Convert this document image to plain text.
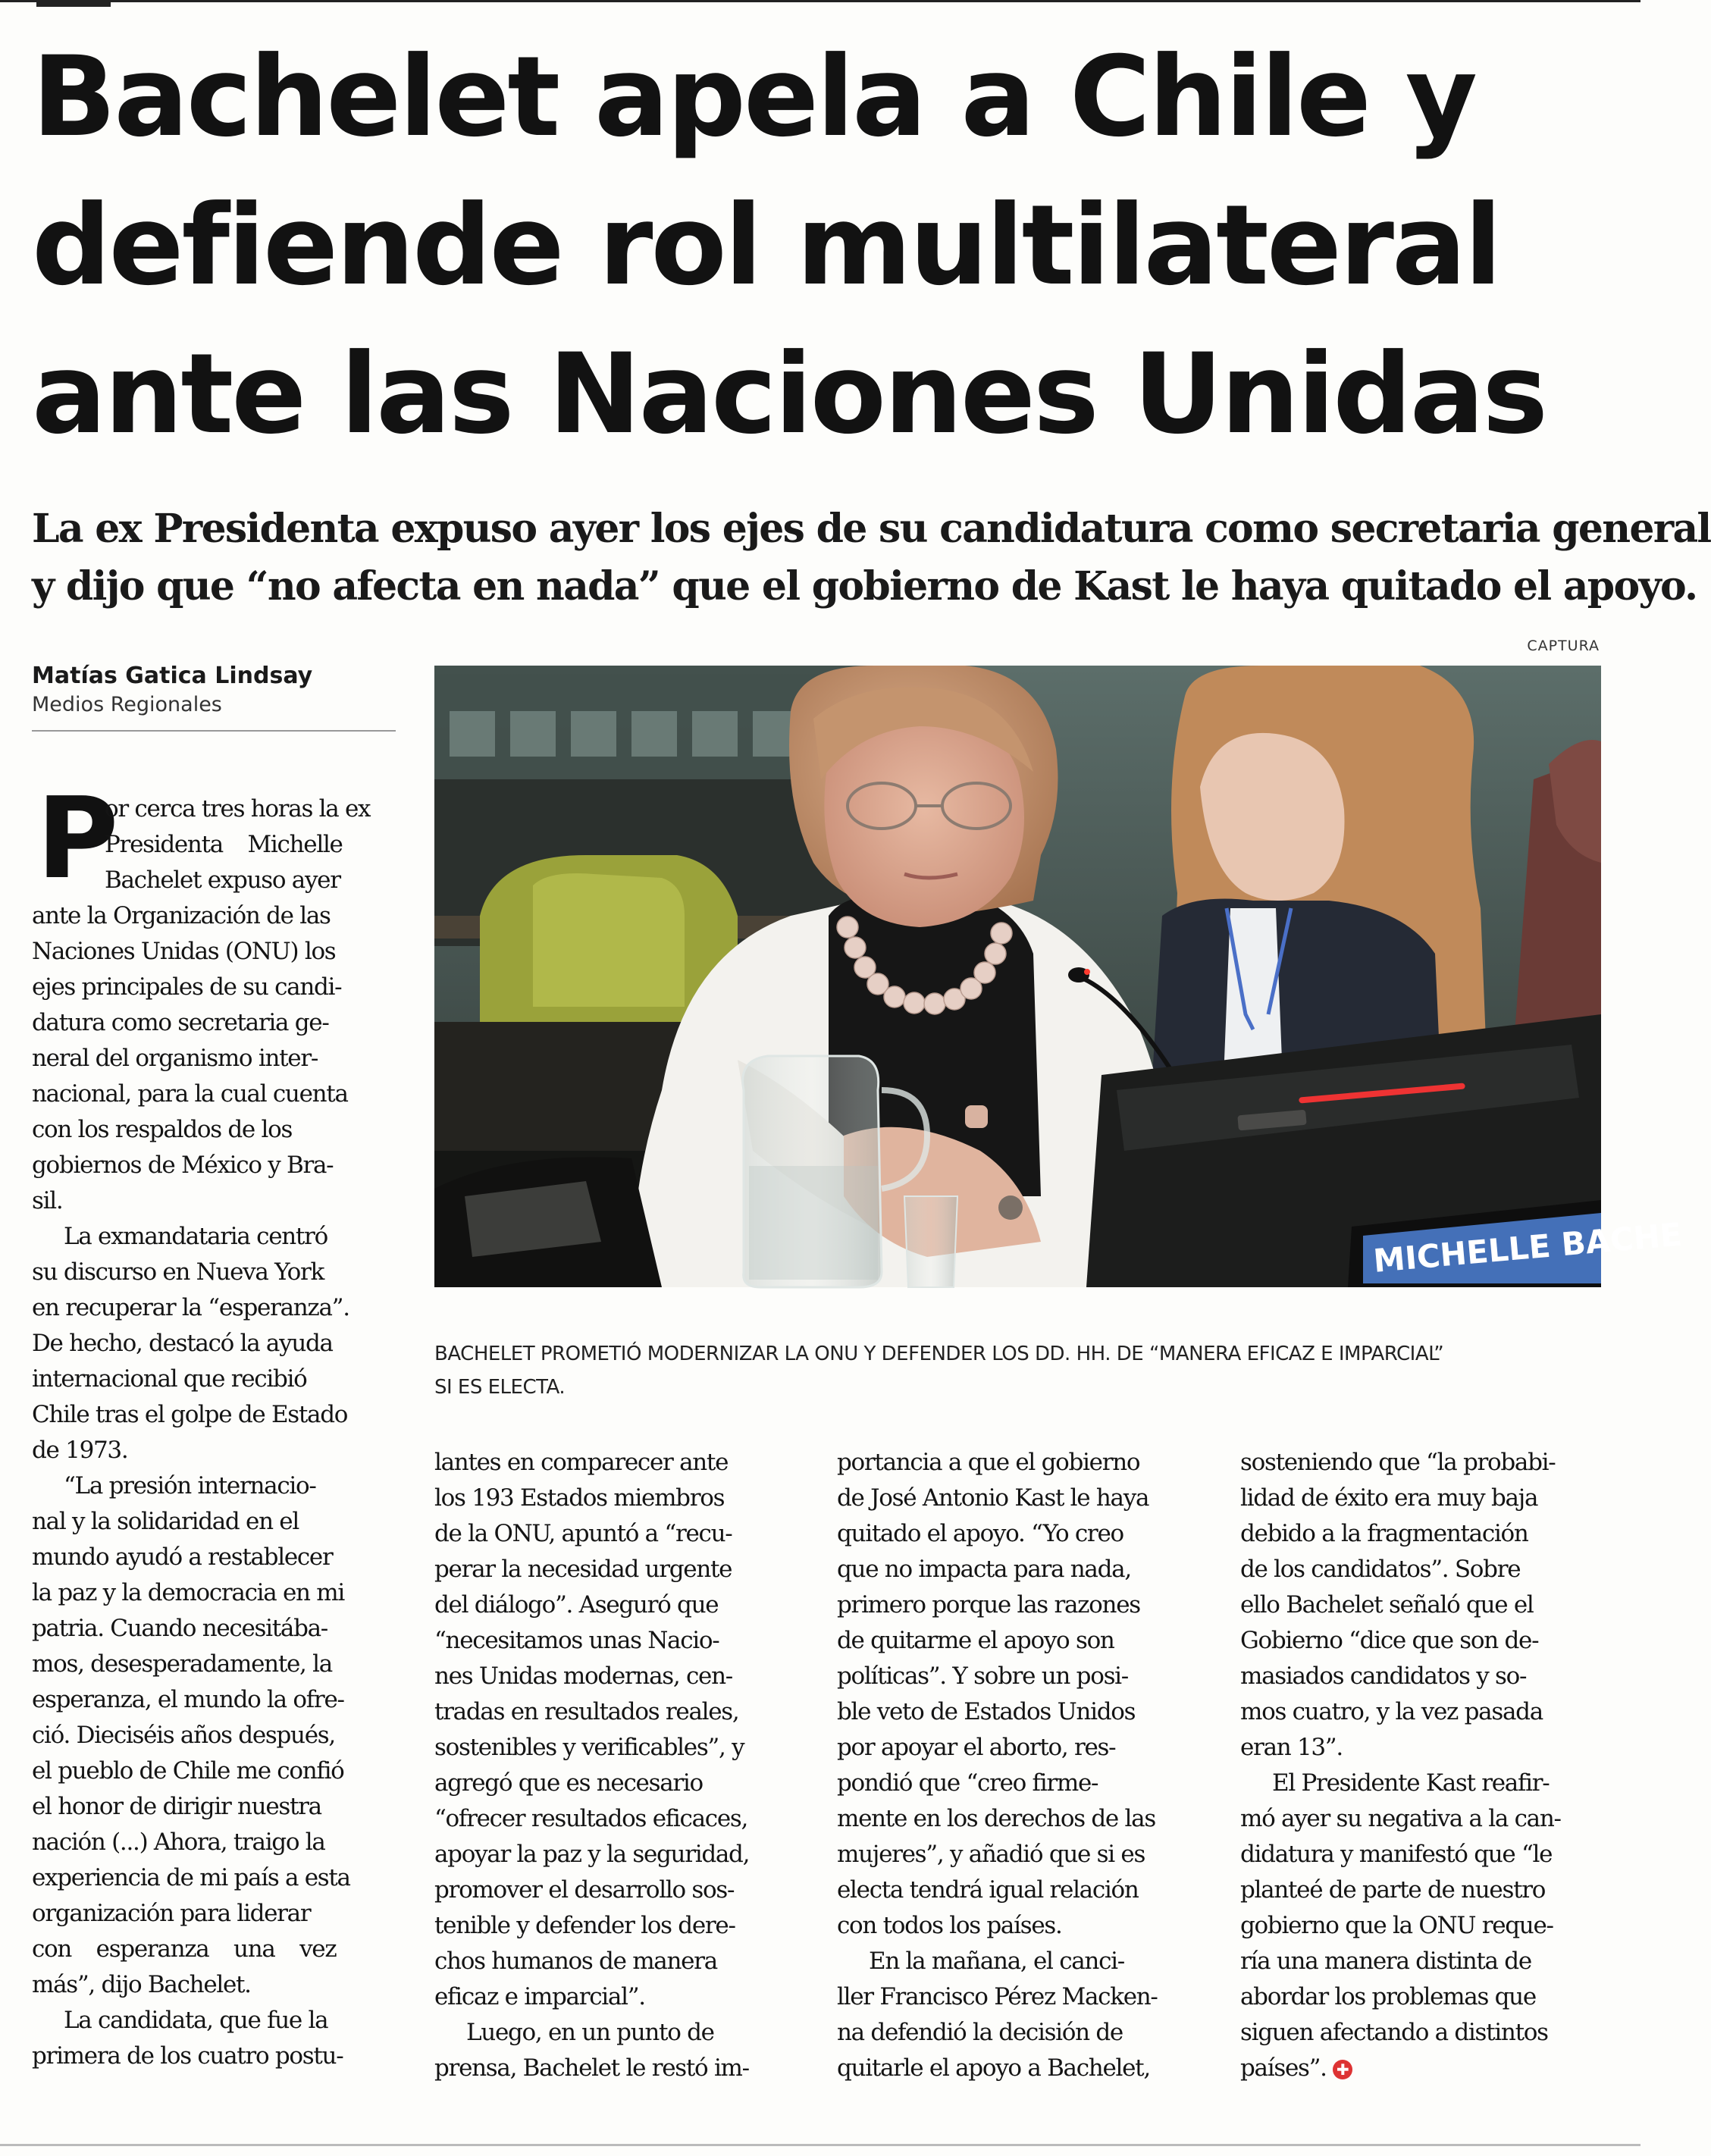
Bachelet apela a Chile y
defiende rol multilateral
ante las Naciones Unidas
La ex Presidenta expuso ayer los ejes de su candidatura como secretaria general
y dijo que “no afecta en nada” que el gobierno de Kast le haya quitado el apoyo.
Matías Gatica Lindsay
Medios Regionales
CAPTURA
MICHELLE BACHE

BACHELET PROMETIÓ MODERNIZAR LA ONU Y DEFENDER LOS DD. HH. DE “MANERA EFICAZ E IMPARCIAL”
SI ES ELECTA.

P
or cerca tres horas la ex
Presidenta Michelle
Bachelet expuso ayer
ante la Organización de las
Naciones Unidas (ONU) los
ejes principales de su candi-
datura como secretaria ge-
neral del organismo inter-
nacional, para la cual cuenta
con los respaldos de los
gobiernos de México y Bra-
sil.
La exmandataria centró
su discurso en Nueva York
en recuperar la “esperanza”.
De hecho, destacó la ayuda
internacional que recibió
Chile tras el golpe de Estado
de 1973.
“La presión internacio-
nal y la solidaridad en el
mundo ayudó a restablecer
la paz y la democracia en mi
patria. Cuando necesitába-
mos, desesperadamente, la
esperanza, el mundo la ofre-
ció. Dieciséis años después,
el pueblo de Chile me confió
el honor de dirigir nuestra
nación (...) Ahora, traigo la
experiencia de mi país a esta
organización para liderar
con esperanza una vez
más”, dijo Bachelet.
La candidata, que fue la
primera de los cuatro postu-
lantes en comparecer ante
los 193 Estados miembros
de la ONU, apuntó a “recu-
perar la necesidad urgente
del diálogo”. Aseguró que
“necesitamos unas Nacio-
nes Unidas modernas, cen-
tradas en resultados reales,
sostenibles y verificables”, y
agregó que es necesario
“ofrecer resultados eficaces,
apoyar la paz y la seguridad,
promover el desarrollo sos-
tenible y defender los dere-
chos humanos de manera
eficaz e imparcial”.
Luego, en un punto de
prensa, Bachelet le restó im-
portancia a que el gobierno
de José Antonio Kast le haya
quitado el apoyo. “Yo creo
que no impacta para nada,
primero porque las razones
de quitarme el apoyo son
políticas”. Y sobre un posi-
ble veto de Estados Unidos
por apoyar el aborto, res-
pondió que “creo firme-
mente en los derechos de las
mujeres”, y añadió que si es
electa tendrá igual relación
con todos los países.
En la mañana, el canci-
ller Francisco Pérez Macken-
na defendió la decisión de
quitarle el apoyo a Bachelet,
sosteniendo que “la probabi-
lidad de éxito era muy baja
debido a la fragmentación
de los candidatos”. Sobre
ello Bachelet señaló que el
Gobierno “dice que son de-
masiados candidatos y so-
mos cuatro, y la vez pasada
eran 13”.
El Presidente Kast reafir-
mó ayer su negativa a la can-
didatura y manifestó que “le
planteé de parte de nuestro
gobierno que la ONU reque-
ría una manera distinta de
abordar los problemas que
siguen afectando a distintos
países”. ✚
